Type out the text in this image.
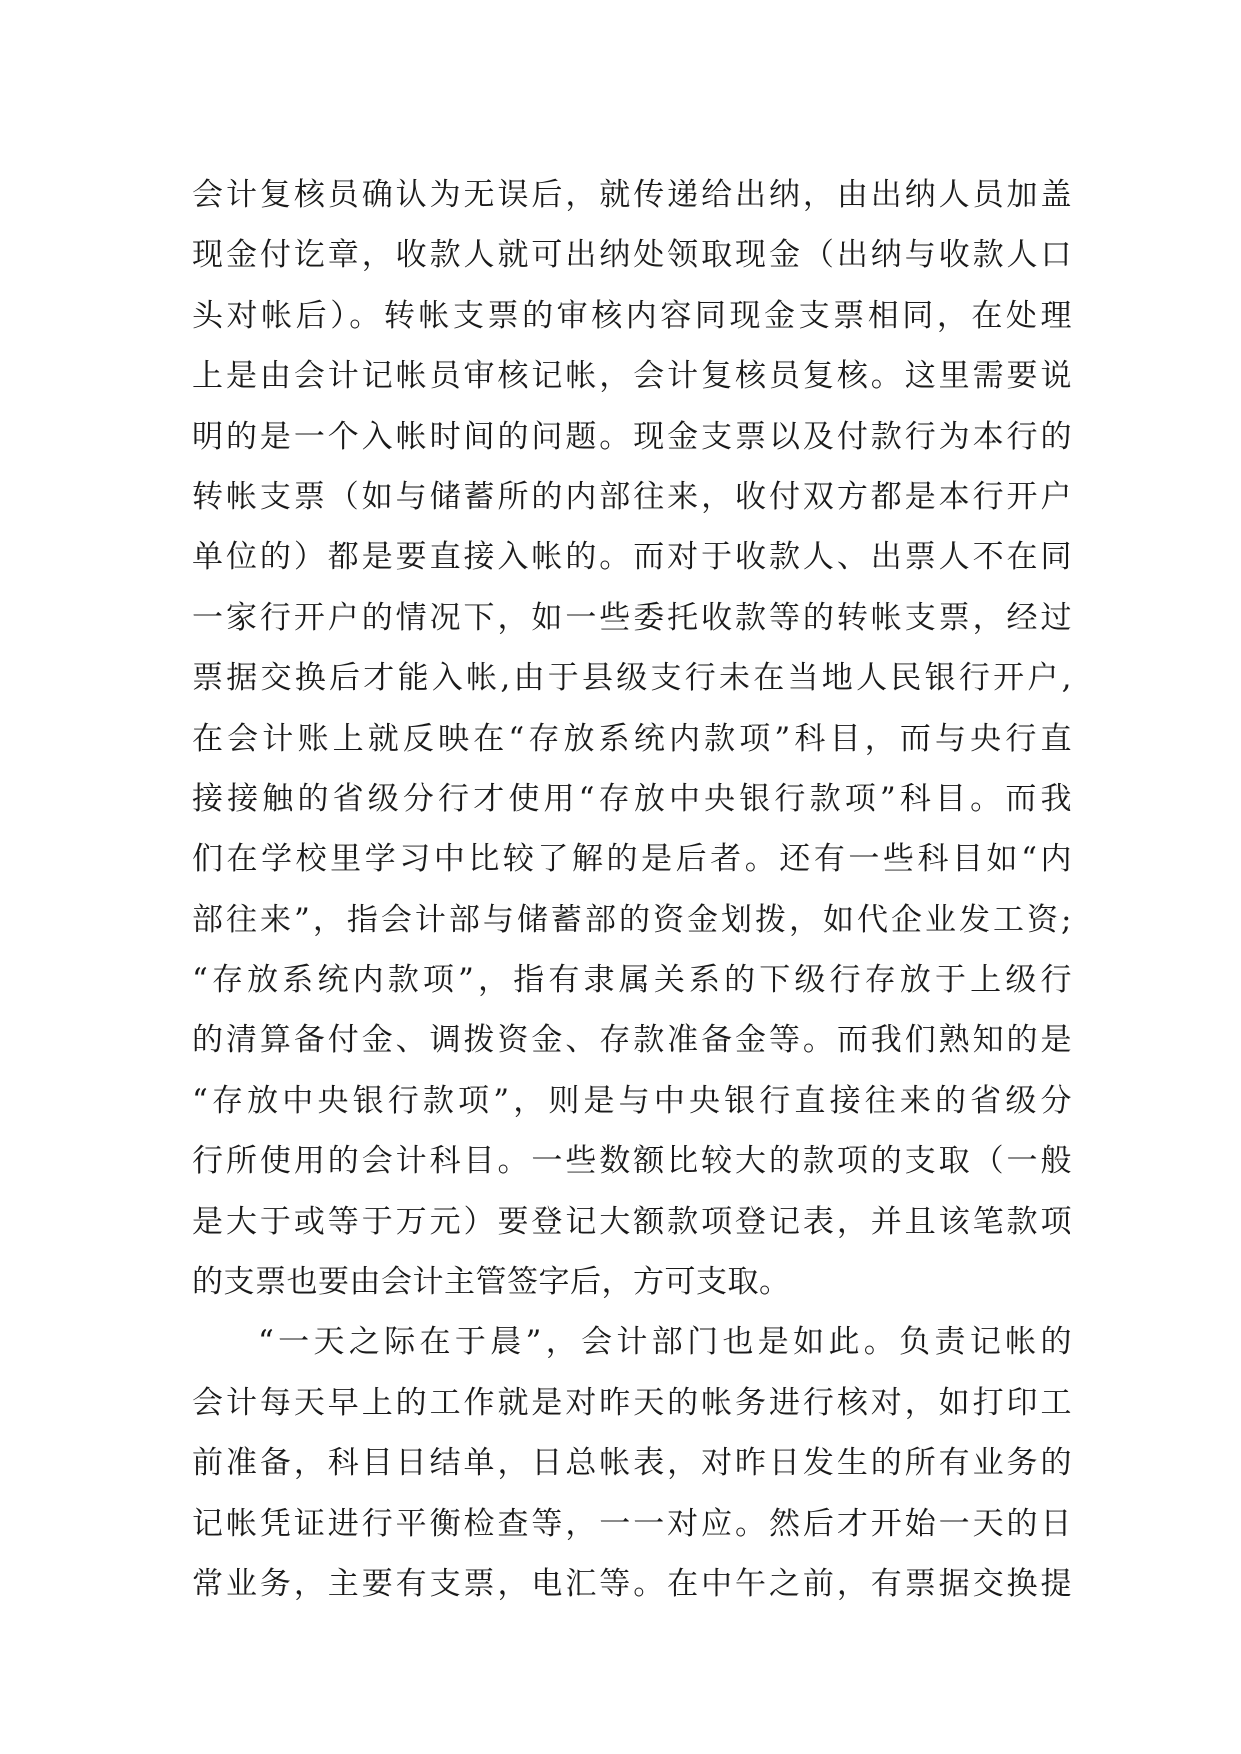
会计复核员确认为无误后，就传递给出纳，由出纳人员加盖
现金付讫章，收款人就可出纳处领取现金（出纳与收款人口
头对帐后）。转帐支票的审核内容同现金支票相同，在处理
上是由会计记帐员审核记帐，会计复核员复核。这里需要说
明的是一个入帐时间的问题。现金支票以及付款行为本行的
转帐支票（如与储蓄所的内部往来，收付双方都是本行开户
单位的）都是要直接入帐的。而对于收款人、出票人不在同
一家行开户的情况下，如一些委托收款等的转帐支票，经过
票据交换后才能入帐,由于县级支行未在当地人民银行开户,
在会计账上就反映在“存放系统内款项”科目，而与央行直
接接触的省级分行才使用“存放中央银行款项”科目。而我
们在学校里学习中比较了解的是后者。还有一些科目如“内
部往来”，指会计部与储蓄部的资金划拨，如代企业发工资;
“存放系统内款项”，指有隶属关系的下级行存放于上级行
的清算备付金、调拨资金、存款准备金等。而我们熟知的是
“存放中央银行款项”，则是与中央银行直接往来的省级分
行所使用的会计科目。一些数额比较大的款项的支取（一般
是大于或等于万元）要登记大额款项登记表，并且该笔款项
的支票也要由会计主管签字后，方可支取。
“一天之际在于晨”，会计部门也是如此。负责记帐的
会计每天早上的工作就是对昨天的帐务进行核对，如打印工
前准备，科目日结单，日总帐表，对昨日发生的所有业务的
记帐凭证进行平衡检查等，一一对应。然后才开始一天的日
常业务，主要有支票，电汇等。在中午之前，有票据交换提
